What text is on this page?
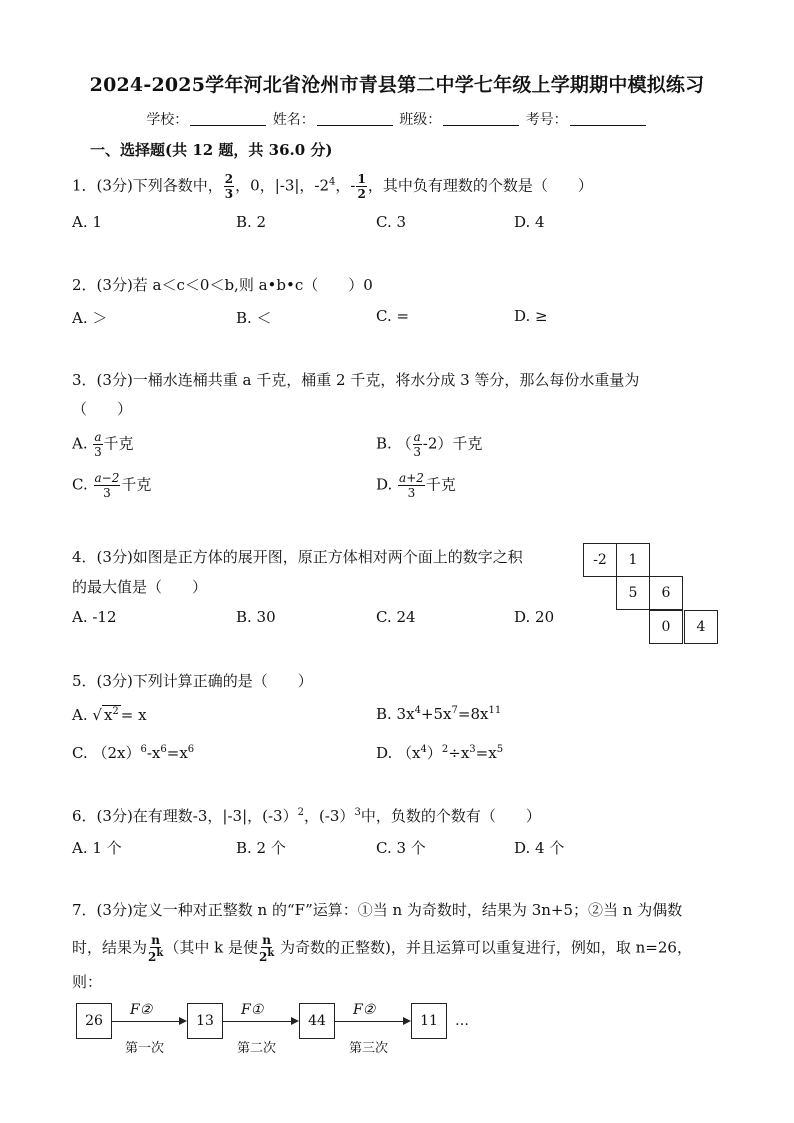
2024-2025学年河北省沧州市青县第二中学七年级上学期期中模拟练习
学校：	姓名：	班级：	考号：
一、选择题(共 12 题，共 36.0 分)
1．(3分)下列各数中， $\frac{2}{3}$ ，0，|-3|，$-2^4$，- $\frac{1}{2}$ ，其中负有理数的个数是（　　）
A. 1	B. 2	C. 3	D. 4
2．(3分)若 a＜c＜0＜b,则 a•b•c（　　）0
A. ＞	B. ＜	C. =	D. ≥
3．(3分)一桶水连桶共重 a 千克，桶重 2 千克，将水分成 3 等分，那么每份水重量为
（　　）
A. $\frac{a}{3}$ 千克	B. （ $\frac{a}{3} -2$）千克
C. $\frac{a-2}{3}$ 千克	D. $\frac{a+2}{3}$ 千克
4．(3分)如图是正方体的展开图，原正方体相对两个面上的数字之积
的最大值是（　　）
A. -12	B. 30	C. 24	D. 20
-2	1
5	6
0	4
5．(3分)下列计算正确的是（　　）
A. √ $x^2 = x$	B. $3x^4+5x^7=8x^{11}$
C. $(2x)^6-x^6=x^6$	D. $(x^4)^2\div x^3=x^5$
6．(3分)在有理数-3，|-3|，(-3）$^2$，(-3）$^3$中，负数的个数有（　　）
A. 1 个	B. 2 个	C. 3 个	D. 4 个
7．(3分)定义一种对正整数 n 的“F”运算：①当 n 为奇数时，结果为 3n+5；②当 n 为偶数
时，结果为 $\frac{n}{2^k}$ （其中 k 是使 $\frac{n}{2^k}$ 为奇数的正整数)，并且运算可以重复进行，例如，取 n=26，
则：
26	13	44	11
F②	F①	F②
第一次	第二次	第三次
…
